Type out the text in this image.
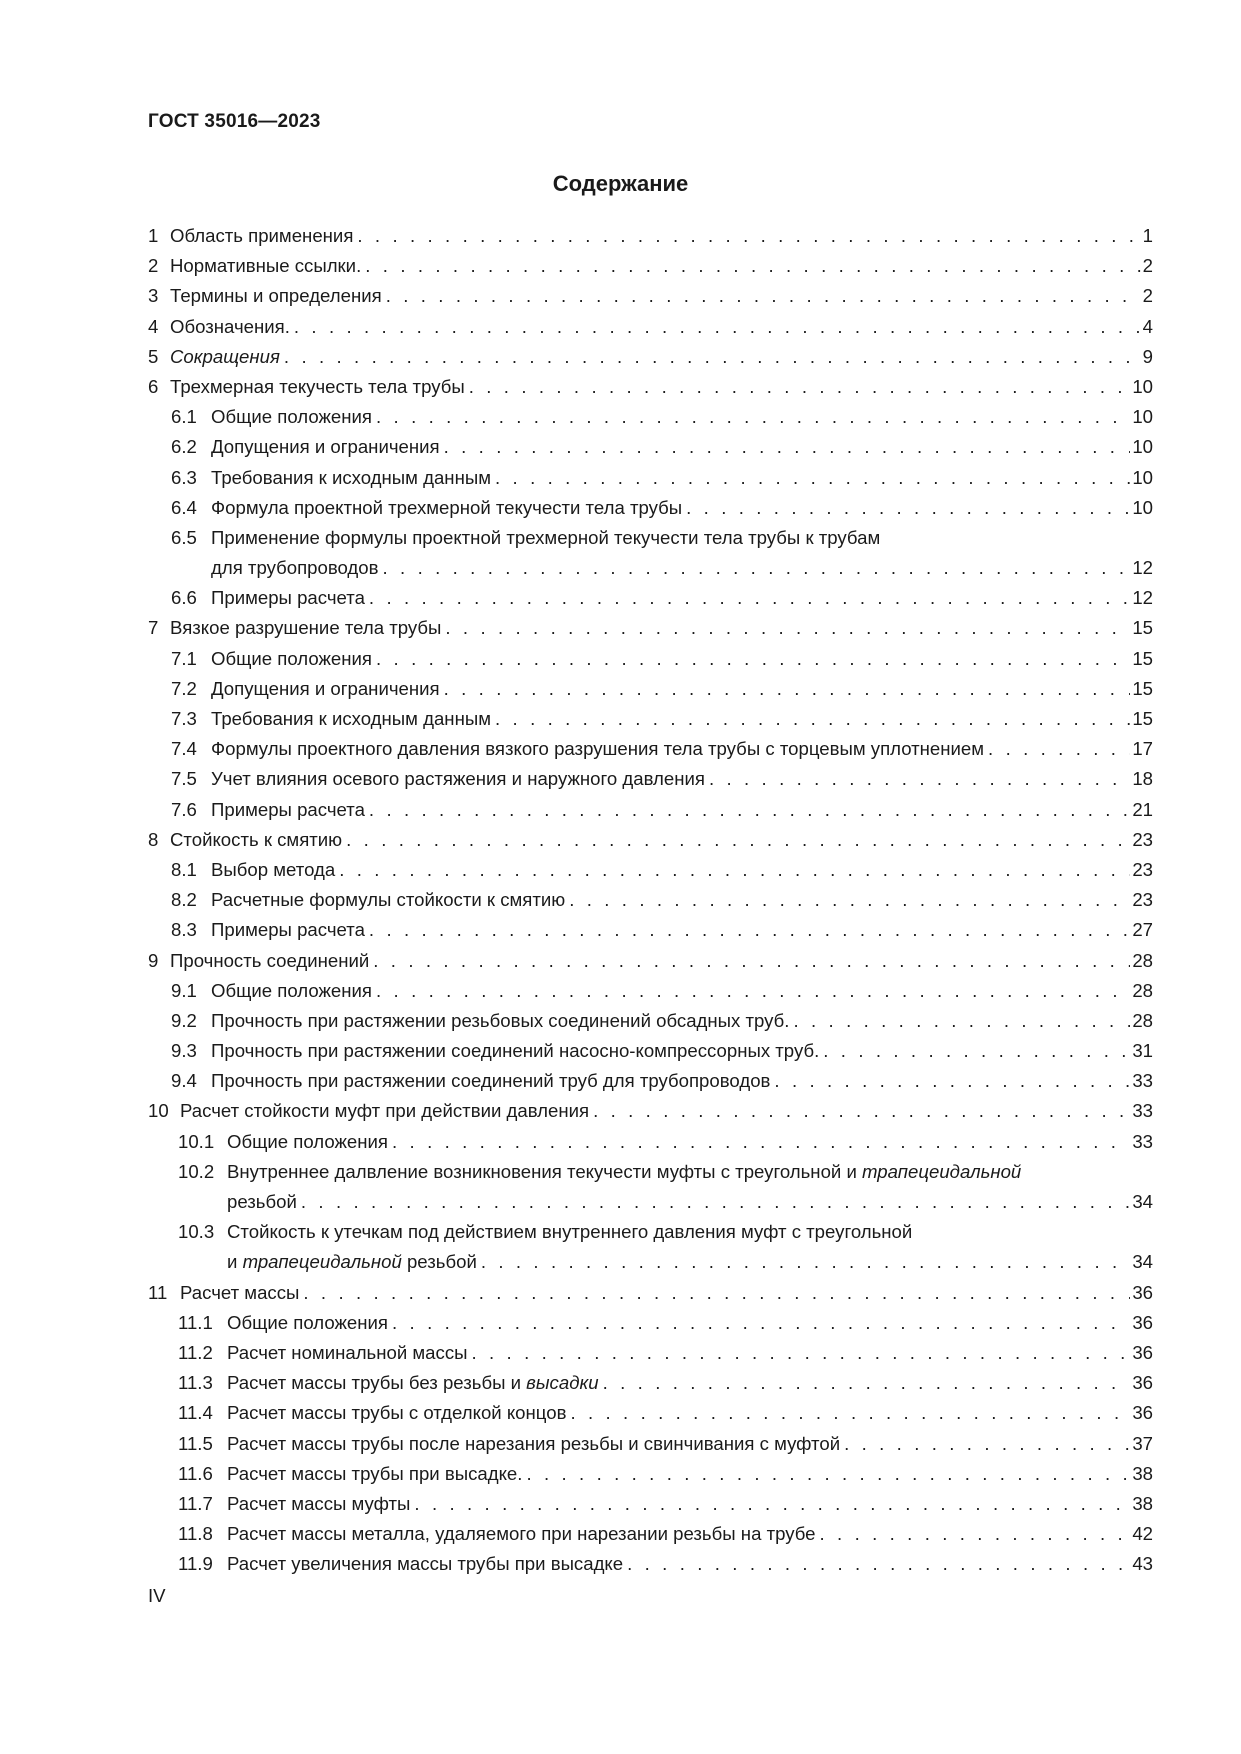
ГОСТ 35016—2023
Содержание
1 Область применения . . .	1
2 Нормативные ссылки. . . .	2
3 Термины и определения . . .	2
4 Обозначения. . . .	4
5 Сокращения . . .	9
6 Трехмерная текучесть тела трубы . . .	10
6.1 Общие положения . . .	10
6.2 Допущения и ограничения . . .	10
6.3 Требования к исходным данным . . .	10
6.4 Формула проектной трехмерной текучести тела трубы . . .	10
6.5 Применение формулы проектной трехмерной текучести тела трубы к трубам
для трубопроводов . . .	12
6.6 Примеры расчета . . .	12
7 Вязкое разрушение тела трубы . . .	15
7.1 Общие положения . . .	15
7.2 Допущения и ограничения . . .	15
7.3 Требования к исходным данным . . .	15
7.4 Формулы проектного давления вязкого разрушения тела трубы с торцевым уплотнением . . .	17
7.5 Учет влияния осевого растяжения и наружного давления . . .	18
7.6 Примеры расчета . . .	21
8 Стойкость к смятию . . .	23
8.1 Выбор метода . . .	23
8.2 Расчетные формулы стойкости к смятию . . .	23
8.3 Примеры расчета . . .	27
9 Прочность соединений . . .	28
9.1 Общие положения . . .	28
9.2 Прочность при растяжении резьбовых соединений обсадных труб. . . .	28
9.3 Прочность при растяжении соединений насосно-компрессорных труб. . . .	31
9.4 Прочность при растяжении соединений труб для трубопроводов . . .	33
10 Расчет стойкости муфт при действии давления . . .	33
10.1 Общие положения . . .	33
10.2 Внутреннее далвление возникновения текучести муфты с треугольной и трапецеидальной
резьбой . . .	34
10.3 Стойкость к утечкам под действием внутреннего давления муфт с треугольной
и трапецеидальной резьбой . . .	34
11 Расчет массы . . .	36
11.1 Общие положения . . .	36
11.2 Расчет номинальной массы . . .	36
11.3 Расчет массы трубы без резьбы и высадки . . .	36
11.4 Расчет массы трубы с отделкой концов . . .	36
11.5 Расчет массы трубы после нарезания резьбы и свинчивания с муфтой . . .	37
11.6 Расчет массы трубы при высадке. . . .	38
11.7 Расчет массы муфты . . .	38
11.8 Расчет массы металла, удаляемого при нарезании резьбы на трубе . . .	42
11.9 Расчет увеличения массы трубы при высадке . . .	43
IV
